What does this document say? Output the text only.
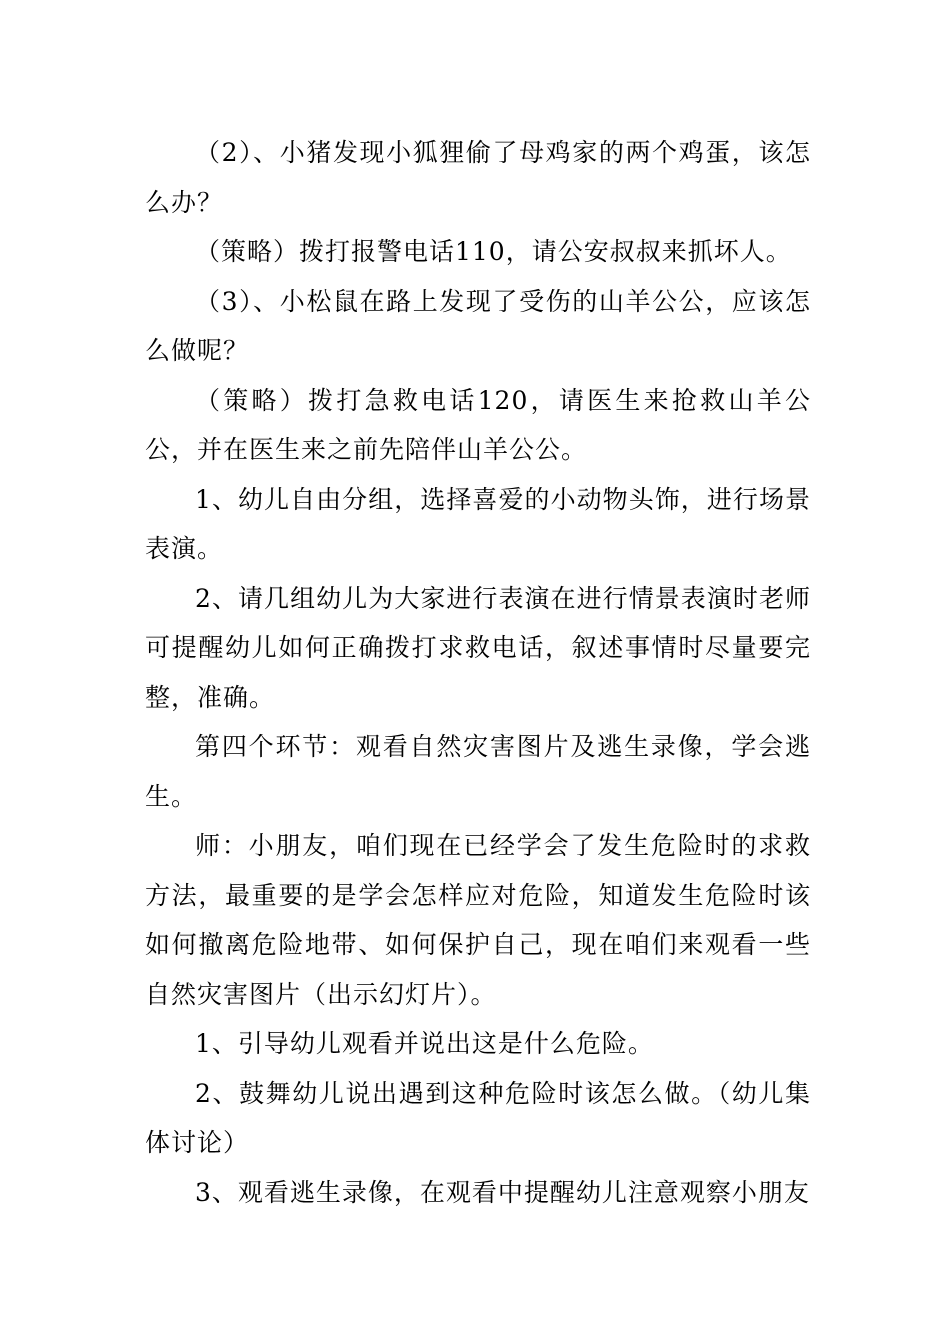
（2）、小猪发现小狐狸偷了母鸡家的两个鸡蛋，该怎么办？

（策略）拨打报警电话110，请公安叔叔来抓坏人。

（3）、小松鼠在路上发现了受伤的山羊公公，应该怎么做呢？

（策略）拨打急救电话120，请医生来抢救山羊公公，并在医生来之前先陪伴山羊公公。

1、幼儿自由分组，选择喜爱的小动物头饰，进行场景表演。

2、请几组幼儿为大家进行表演在进行情景表演时老师可提醒幼儿如何正确拨打求救电话，叙述事情时尽量要完整，准确。

第四个环节：观看自然灾害图片及逃生录像，学会逃生。

师：小朋友，咱们现在已经学会了发生危险时的求救方法，最重要的是学会怎样应对危险，知道发生危险时该如何撤离危险地带、如何保护自己，现在咱们来观看一些自然灾害图片（出示幻灯片）。

1、引导幼儿观看并说出这是什么危险。

2、鼓舞幼儿说出遇到这种危险时该怎么做。（幼儿集体讨论）

3、观看逃生录像，在观看中提醒幼儿注意观察小朋友
